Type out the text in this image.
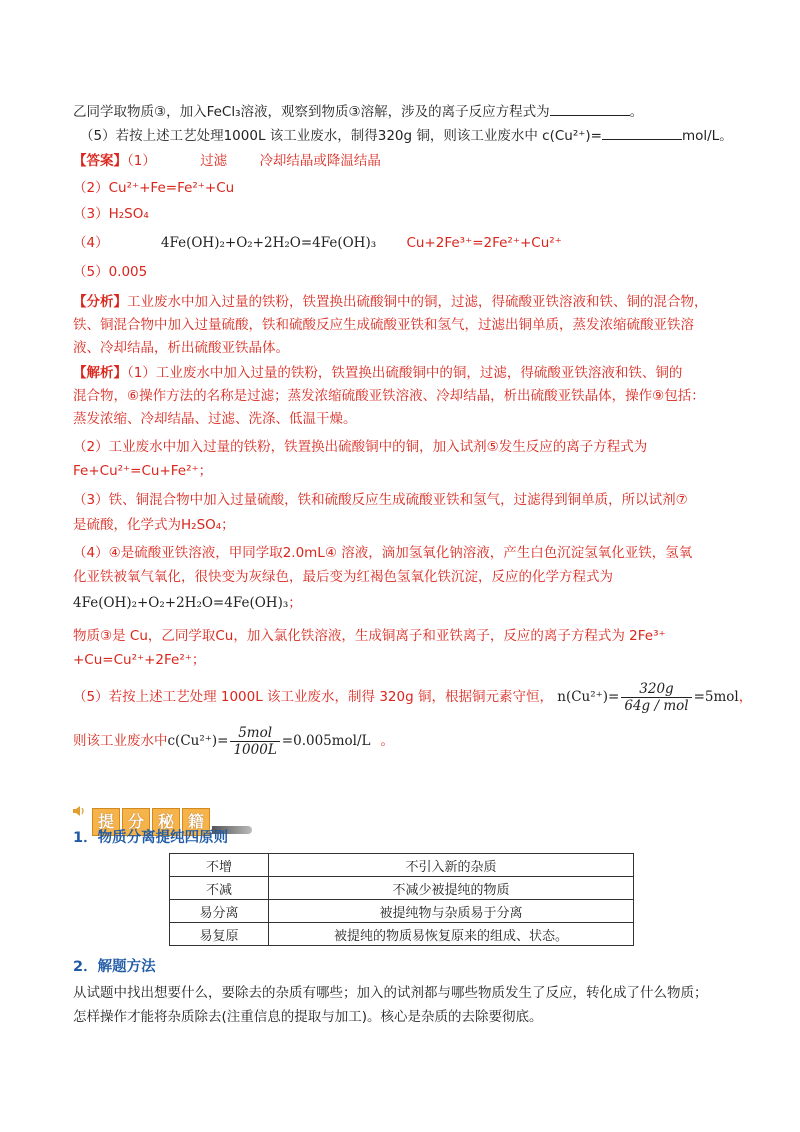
乙同学取物质③，加入FeCl₃溶液，观察到物质③溶解，涉及的离子反应方程式为	。
（5）若按上述工艺处理1000L 该工业废水，制得320g 铜，则该工业废水中 c(Cu²⁺)=	mol/L。
【答案】（1）	过滤 冷却结晶或降温结晶
（2）Cu²⁺+Fe=Fe²⁺+Cu
（3）H₂SO₄
（4）	4Fe(OH)₂+O₂+2H₂O=4Fe(OH)₃ Cu+2Fe³⁺=2Fe²⁺+Cu²⁺
（5）0.005
【分析】工业废水中加入过量的铁粉，铁置换出硫酸铜中的铜，过滤，得硫酸亚铁溶液和铁、铜的混合物，
铁、铜混合物中加入过量硫酸，铁和硫酸反应生成硫酸亚铁和氢气，过滤出铜单质，蒸发浓缩硫酸亚铁溶
液、冷却结晶，析出硫酸亚铁晶体。
【解析】（1）工业废水中加入过量的铁粉，铁置换出硫酸铜中的铜，过滤，得硫酸亚铁溶液和铁、铜的
混合物，⑥操作方法的名称是过滤；蒸发浓缩硫酸亚铁溶液、冷却结晶，析出硫酸亚铁晶体，操作⑨包括：
蒸发浓缩、冷却结晶、过滤、洗涤、低温干燥。
（2）工业废水中加入过量的铁粉，铁置换出硫酸铜中的铜，加入试剂⑤发生反应的离子方程式为
Fe+Cu²⁺=Cu+Fe²⁺；
（3）铁、铜混合物中加入过量硫酸，铁和硫酸反应生成硫酸亚铁和氢气，过滤得到铜单质，所以试剂⑦
是硫酸，化学式为H₂SO₄；
（4）④是硫酸亚铁溶液，甲同学取2.0mL④ 溶液，滴加氢氧化钠溶液，产生白色沉淀氢氧化亚铁，氢氧
化亚铁被氧气氧化，很快变为灰绿色，最后变为红褐色氢氧化铁沉淀，反应的化学方程式为
4Fe(OH)₂+O₂+2H₂O=4Fe(OH)₃；
物质③是 Cu，乙同学取Cu，加入氯化铁溶液，生成铜离子和亚铁离子，反应的离子方程式为 2Fe³⁺
+Cu=Cu²⁺+2Fe²⁺；
（5）若按上述工艺处理 1000L 该工业废水，制得 320g 铜，根据铜元素守恒， $n(Cu^{2+})= \frac{320g}{\text{64g / mol}} =5mol$，
则该工业废水中$c(Cu^{2+})= \frac{\text{5mol}}{1000L} =0.005mol/L$ 。
提 分 秘 籍
1．物质分离提纯四原则
不增	不引入新的杂质
不减	不减少被提纯的物质
易分离	被提纯物与杂质易于分离
易复原	被提纯的物质易恢复原来的组成、状态。
2．解题方法
从试题中找出想要什么，要除去的杂质有哪些；加入的试剂都与哪些物质发生了反应，转化成了什么物质；
怎样操作才能将杂质除去(注重信息的提取与加工)。核心是杂质的去除要彻底。
